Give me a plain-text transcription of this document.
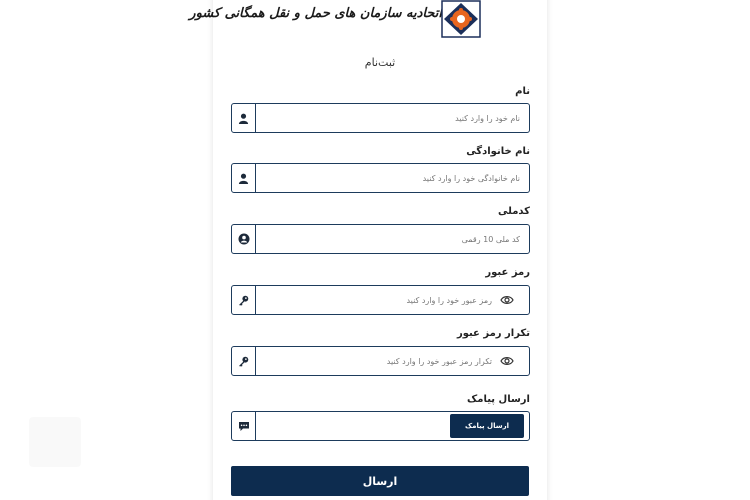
اتحادیه سازمان های حمل و نقل همگانی کشور
ثبت‌نام
نام
نام خود را وارد کنید
نام خانوادگی
نام خانوادگی خود را وارد کنید
کدملی
کد ملی 10 رقمی
رمز عبور
تکرار رمز عبور
ارسال پیامک
ارسال پیامک
ارسال
